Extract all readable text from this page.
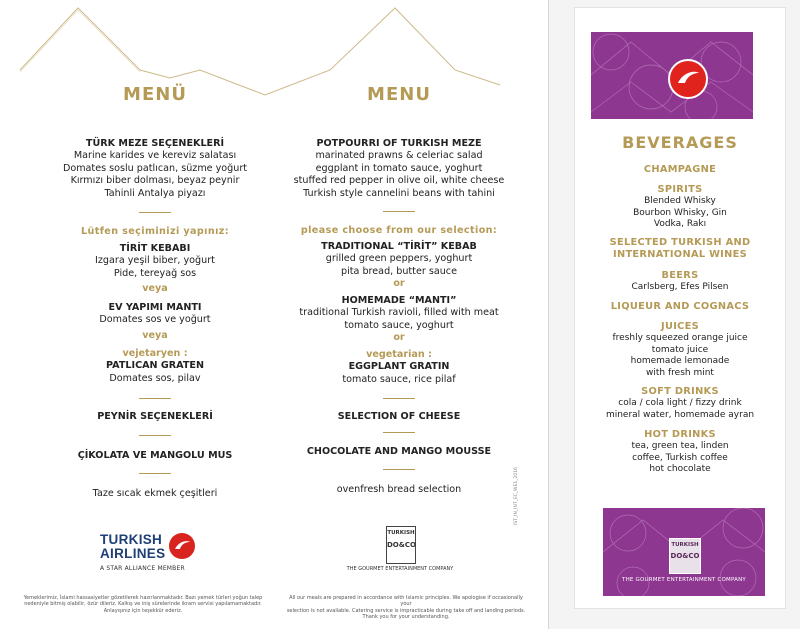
MENÜ
TÜRK MEZE SEÇENEKLERİ
Marine karides ve kereviz salatası
Domates soslu patlıcan, süzme yoğurt
Kırmızı biber dolması, beyaz peynir
Tahinli Antalya piyazı
Lütfen seçiminizi yapınız:
TİRİT KEBABI
Izgara yeşil biber, yoğurt
Pide, tereyağ sos
veya
EV YAPIMI MANTI
Domates sos ve yoğurt
veya
vejetaryen :
PATLICAN GRATEN
Domates sos, pilav
PEYNİR SEÇENEKLERİ
ÇİKOLATA VE MANGOLU MUS
Taze sıcak ekmek çeşitleri
MENU
POTPOURRI OF TURKISH MEZE
marinated prawns & celeriac salad
eggplant in tomato sauce, yoghurt
stuffed red pepper in olive oil, white cheese
Turkish style cannelini beans with tahini
please choose from our selection:
TRADITIONAL “TİRİT” KEBAB
grilled green peppers, yoghurt
pita bread, butter sauce
or
HOMEMADE “MANTI”
traditional Turkish ravioli, filled with meat
tomato sauce, yoghurt
or
vegetarian :
EGGPLANT GRATIN
tomato sauce, rice pilaf
SELECTION OF CHEESE
CHOCOLATE AND MANGO MOUSSE
ovenfresh bread selection
TURKISH
AIRLINES
A STAR ALLIANCE MEMBER
TURKISH
DO&CO
THE GOURMET ENTERTAINMENT COMPANY
Yemeklerimiz, İslami hassasiyetler gözetilerek hazırlanmaktadır. Bazı yemek türleri yoğun talep
nedeniyle bitmiş olabilir, özür dileriz. Kalkış ve iniş sürelerinde ikram servisi yapılamamaktadır.
Anlayışınız için teşekkür ederiz.
All our meals are prepared in accordance with Islamic principles. We apologise if occasionally your
selection is not available. Catering service is impracticable during take off and landing periods.
Thank you for your understanding.
IST_IN_INT_EC_WE1_2016
BEVERAGES
CHAMPAGNE
SPIRITS
Blended Whisky
Bourbon Whisky, Gin
Vodka, Rakı
SELECTED TURKISH AND
INTERNATIONAL WINES
BEERS
Carlsberg, Efes Pilsen
LIQUEUR AND COGNACS
JUICES
freshly squeezed orange juice
tomato juice
homemade lemonade
with fresh mint
SOFT DRINKS
cola / cola light / fizzy drink
mineral water, homemade ayran
HOT DRINKS
tea, green tea, linden
coffee, Turkish coffee
hot chocolate
TURKISH
DO&CO
THE GOURMET ENTERTAINMENT COMPANY
